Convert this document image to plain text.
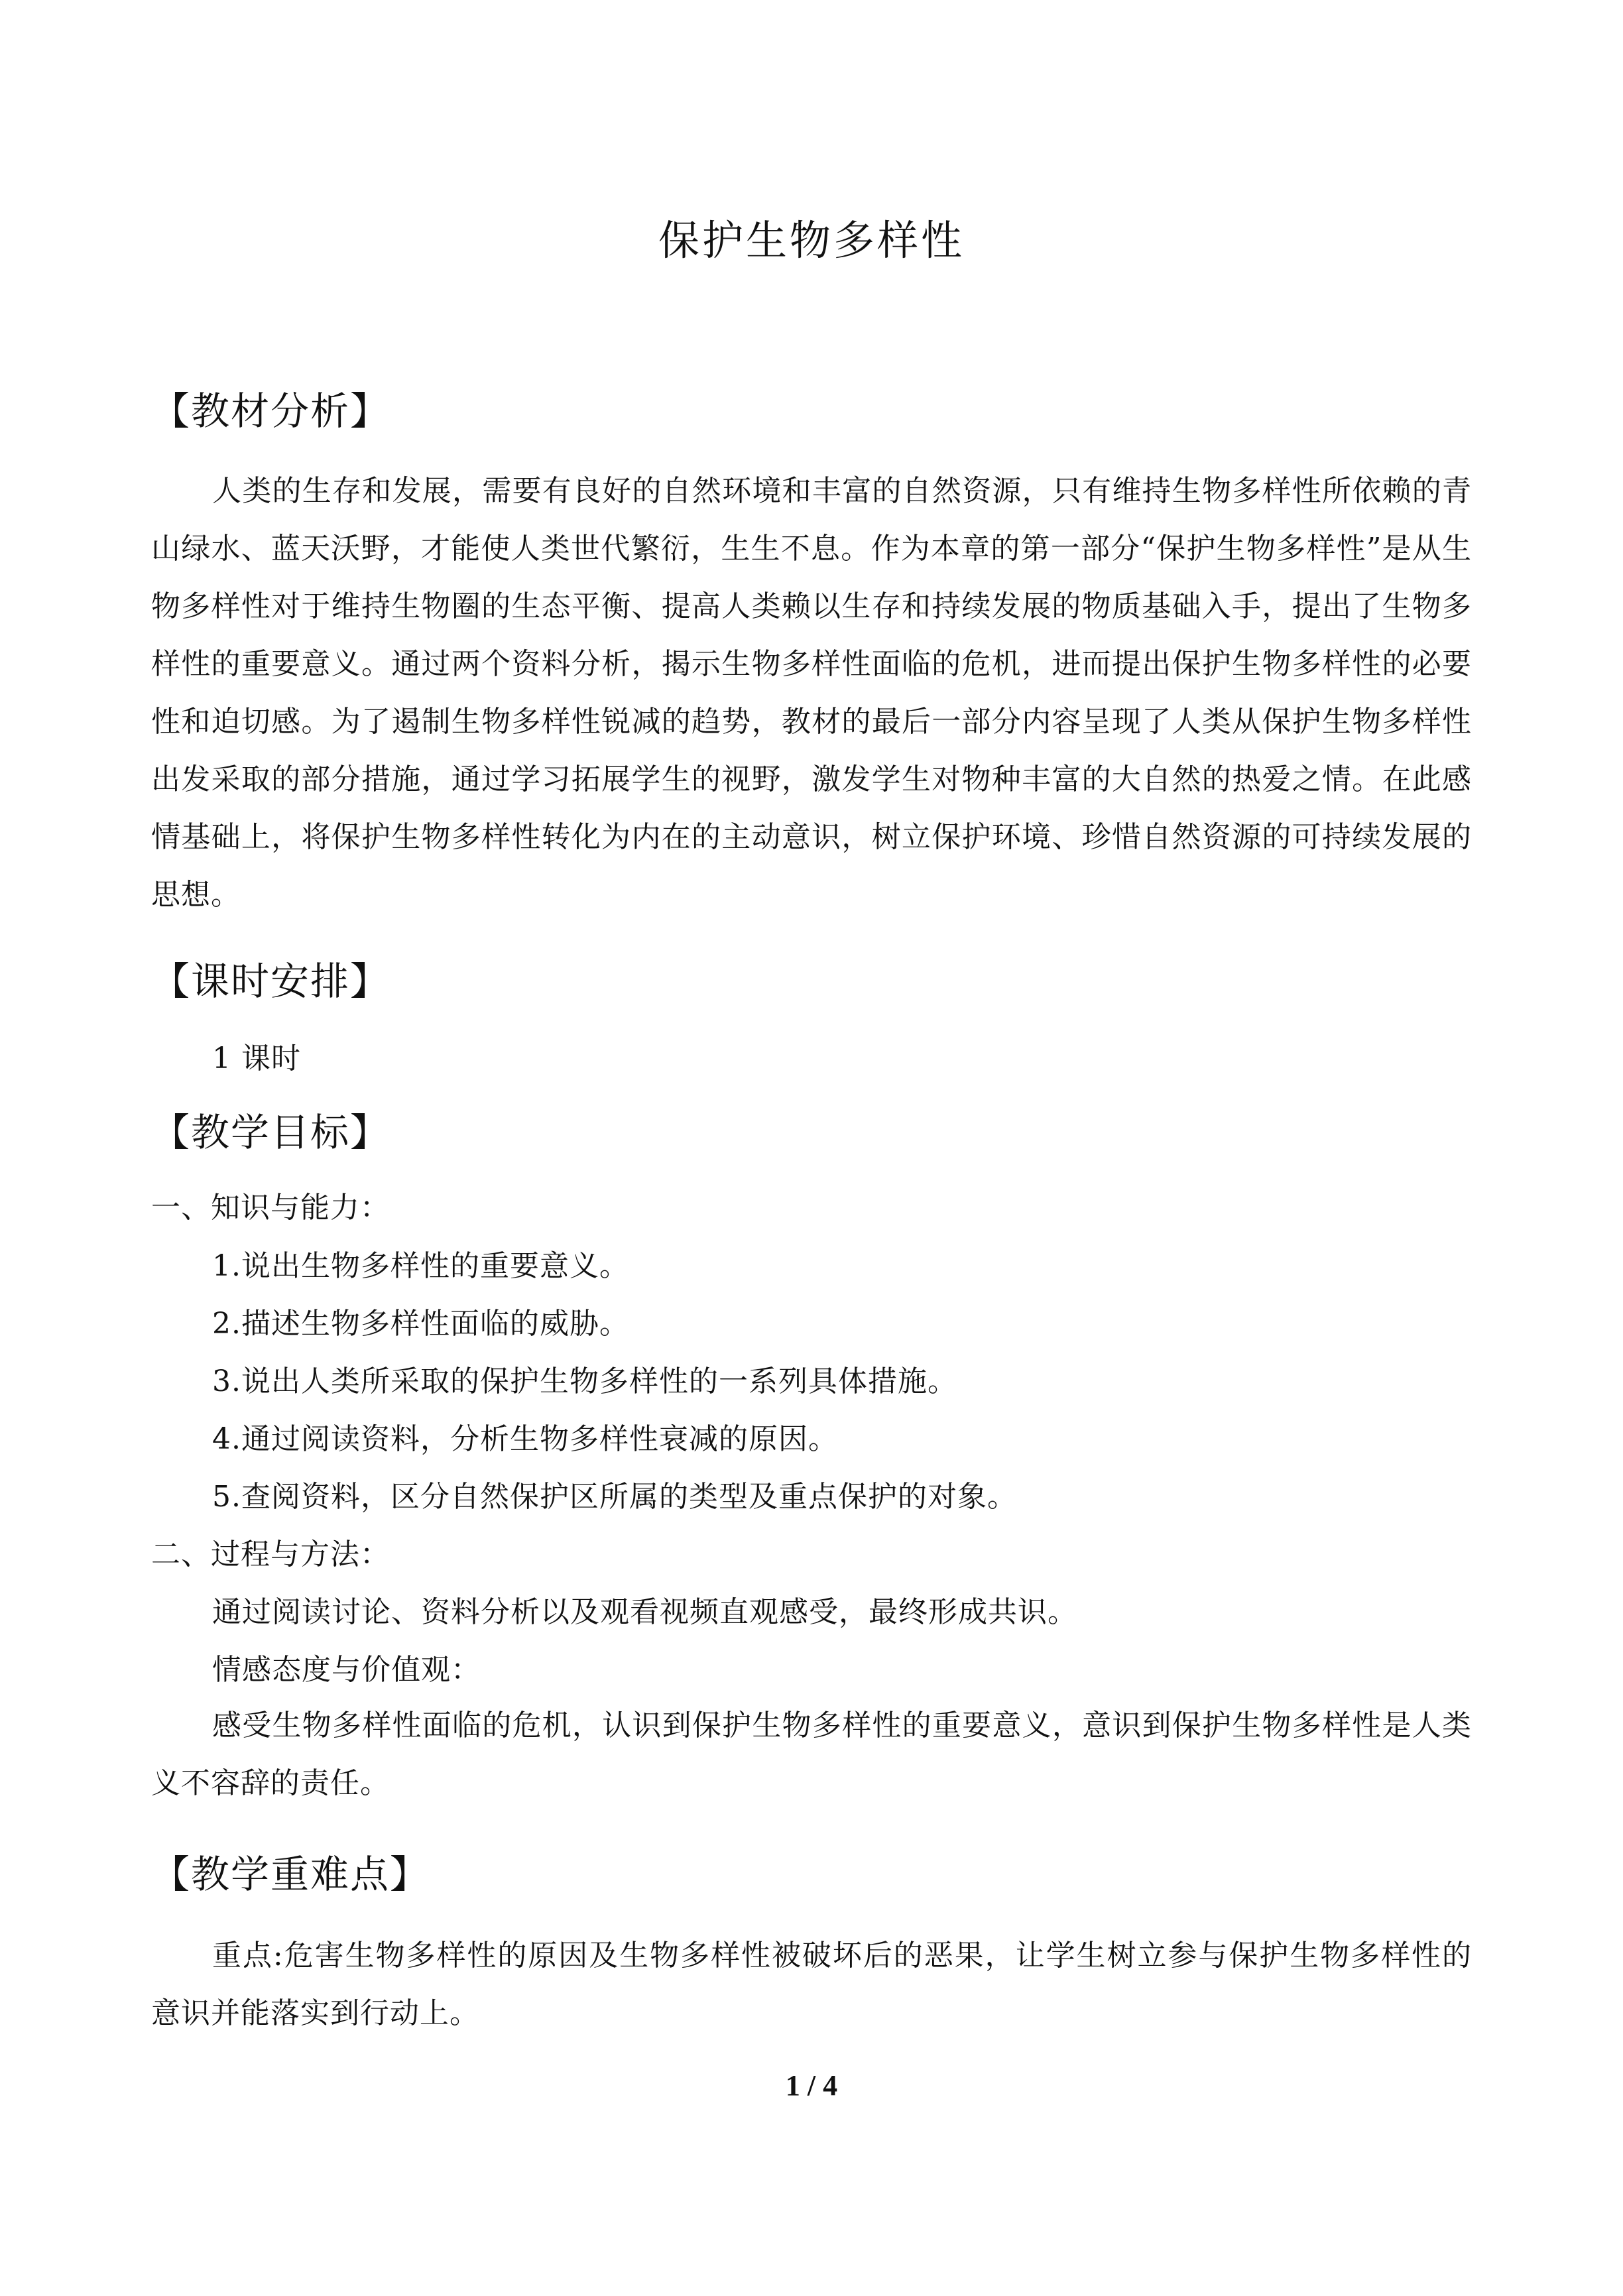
保护生物多样性
【教材分析】
人类的生存和发展，需要有良好的自然环境和丰富的自然资源，只有维持生物多样性所依赖的青山绿水、蓝天沃野，才能使人类世代繁衍，生生不息。作为本章的第一部分“保护生物多样性”是从生物多样性对于维持生物圈的生态平衡、提高人类赖以生存和持续发展的物质基础入手，提出了生物多样性的重要意义。通过两个资料分析，揭示生物多样性面临的危机，进而提出保护生物多样性的必要性和迫切感。为了遏制生物多样性锐减的趋势，教材的最后一部分内容呈现了人类从保护生物多样性出发采取的部分措施，通过学习拓展学生的视野，激发学生对物种丰富的大自然的热爱之情。在此感情基础上，将保护生物多样性转化为内在的主动意识，树立保护环境、珍惜自然资源的可持续发展的思想。
【课时安排】
1 课时
【教学目标】
一、知识与能力：
1.说出生物多样性的重要意义。
2.描述生物多样性面临的威胁。
3.说出人类所采取的保护生物多样性的一系列具体措施。
4.通过阅读资料，分析生物多样性衰减的原因。
5.查阅资料，区分自然保护区所属的类型及重点保护的对象。
二、过程与方法：
通过阅读讨论、资料分析以及观看视频直观感受，最终形成共识。
情感态度与价值观：
感受生物多样性面临的危机，认识到保护生物多样性的重要意义，意识到保护生物多样性是人类义不容辞的责任。
【教学重难点】
重点:危害生物多样性的原因及生物多样性被破坏后的恶果，让学生树立参与保护生物多样性的意识并能落实到行动上。
1 / 4
